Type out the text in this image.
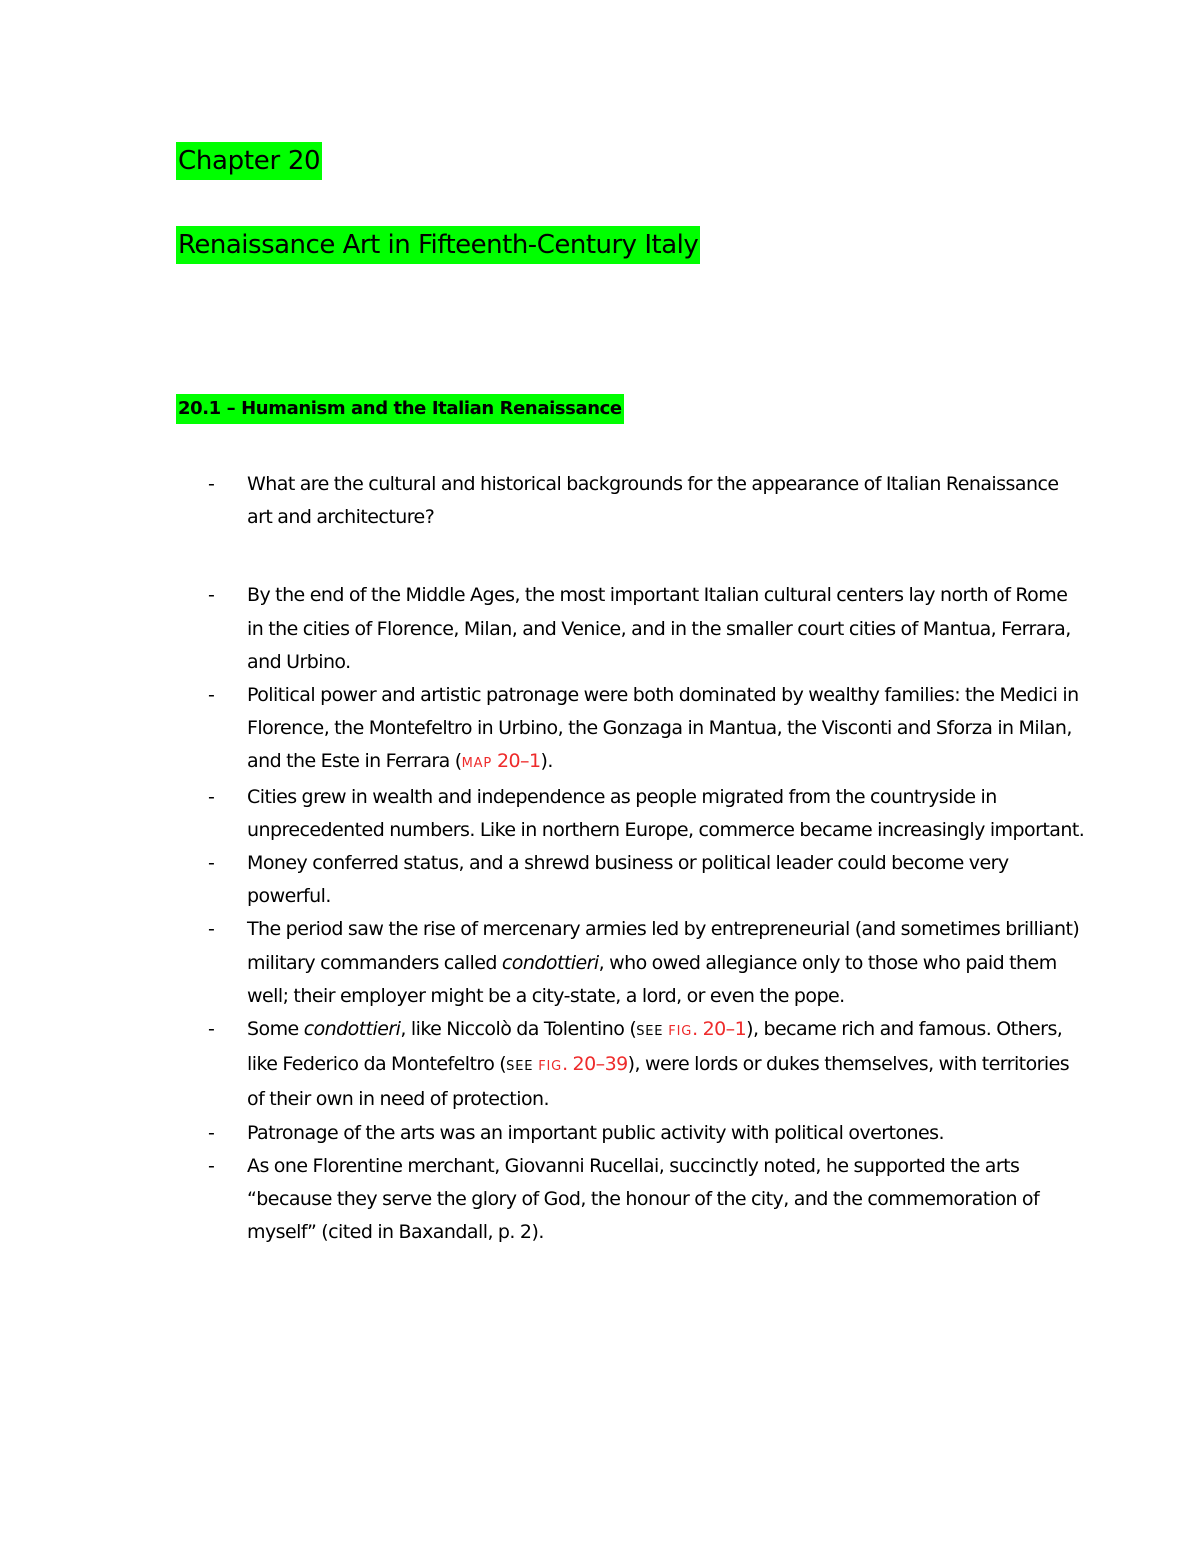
Chapter 20
Renaissance Art in Fifteenth-Century Italy
20.1 – Humanism and the Italian Renaissance
- What are the cultural and historical backgrounds for the appearance of Italian Renaissance art and architecture?
- By the end of the Middle Ages, the most important Italian cultural centers lay north of Rome in the cities of Florence, Milan, and Venice, and in the smaller court cities of Mantua, Ferrara, and Urbino.
- Political power and artistic patronage were both dominated by wealthy families: the Medici in Florence, the Montefeltro in Urbino, the Gonzaga in Mantua, the Visconti and Sforza in Milan, and the Este in Ferrara (MAP 20–1).
- Cities grew in wealth and independence as people migrated from the countryside in unprecedented numbers. Like in northern Europe, commerce became increasingly important.
- Money conferred status, and a shrewd business or political leader could become very powerful.
- The period saw the rise of mercenary armies led by entrepreneurial (and sometimes brilliant) military commanders called condottieri, who owed allegiance only to those who paid them well; their employer might be a city-state, a lord, or even the pope.
- Some condottieri, like Niccolò da Tolentino (SEE FIG. 20–1), became rich and famous. Others, like Federico da Montefeltro (SEE FIG. 20–39), were lords or dukes themselves, with territories of their own in need of protection.
- Patronage of the arts was an important public activity with political overtones.
- As one Florentine merchant, Giovanni Rucellai, succinctly noted, he supported the arts “because they serve the glory of God, the honour of the city, and the commemoration of myself” (cited in Baxandall, p. 2).
